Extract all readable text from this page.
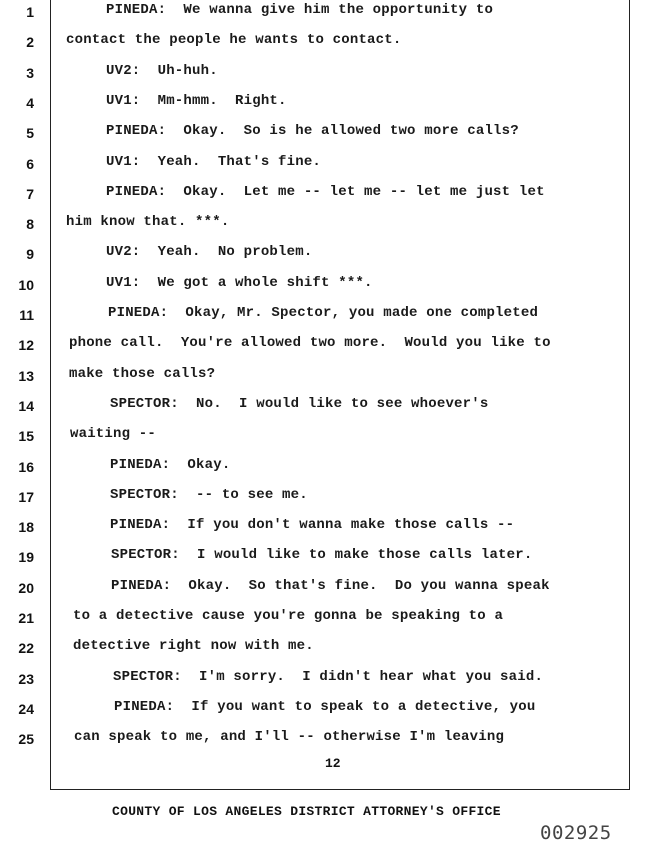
1	PINEDA:  We wanna give him the opportunity to
2 contact the people he wants to contact.
3	UV2:  Uh-huh.
4	UV1:  Mm-hmm.  Right.
5	PINEDA:  Okay.  So is he allowed two more calls?
6	UV1:  Yeah.  That's fine.
7	PINEDA:  Okay.  Let me -- let me -- let me just let
8 him know that. ***.
9	UV2:  Yeah.  No problem.
10	UV1:  We got a whole shift ***.
11	PINEDA:  Okay, Mr. Spector, you made one completed
12	phone call.  You're allowed two more.  Would you like to
13	make those calls?
14	SPECTOR:  No.  I would like to see whoever's
15	waiting --
16	PINEDA:  Okay.
17	SPECTOR:  -- to see me.
18	PINEDA:  If you don't wanna make those calls --
19	SPECTOR:  I would like to make those calls later.
20	PINEDA:  Okay.  So that's fine.  Do you wanna speak
21	to a detective cause you're gonna be speaking to a
22	detective right now with me.
23	SPECTOR:  I'm sorry.  I didn't hear what you said.
24	PINEDA:  If you want to speak to a detective, you
25	can speak to me, and I'll -- otherwise I'm leaving
12
COUNTY OF LOS ANGELES DISTRICT ATTORNEY'S OFFICE
002925
